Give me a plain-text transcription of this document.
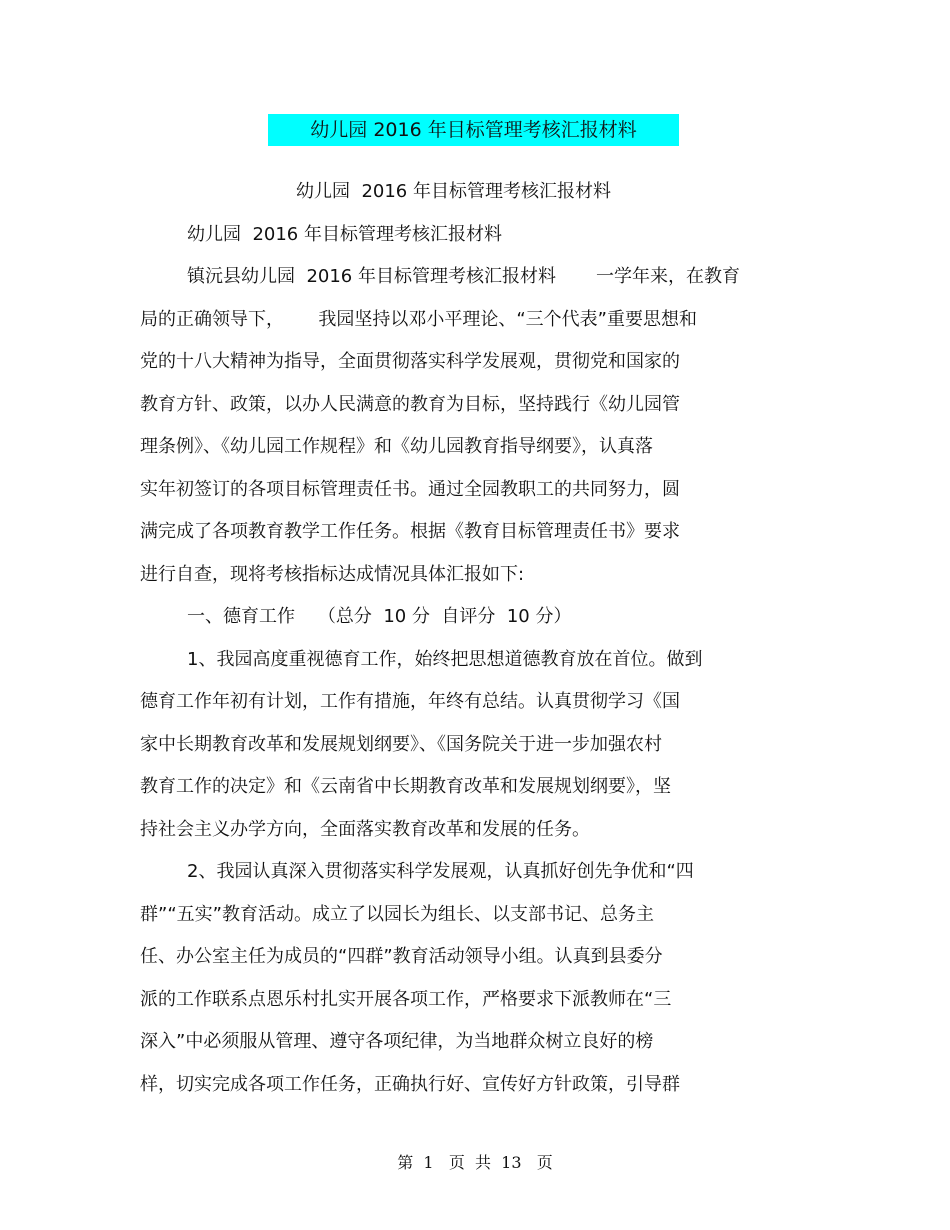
幼儿园 2016 年目标管理考核汇报材料
幼儿园  2016 年目标管理考核汇报材料
幼儿园  2016 年目标管理考核汇报材料
镇沅县幼儿园  2016 年目标管理考核汇报材料       一学年来，在教育
局的正确领导下，      我园坚持以邓小平理论、“三个代表”重要思想和
党的十八大精神为指导，全面贯彻落实科学发展观，贯彻党和国家的
教育方针、政策，以办人民满意的教育为目标，坚持践行《幼儿园管
理条例》、《幼儿园工作规程》和《幼儿园教育指导纲要》，认真落
实年初签订的各项目标管理责任书。通过全园教职工的共同努力，圆
满完成了各项教育教学工作任务。根据《教育目标管理责任书》要求
进行自查，现将考核指标达成情况具体汇报如下:
一、德育工作    （总分  10 分  自评分  10 分）
1、我园高度重视德育工作，始终把思想道德教育放在首位。做到
德育工作年初有计划，工作有措施，年终有总结。认真贯彻学习《国
家中长期教育改革和发展规划纲要》、《国务院关于进一步加强农村
教育工作的决定》和《云南省中长期教育改革和发展规划纲要》，坚
持社会主义办学方向，全面落实教育改革和发展的任务。
2、我园认真深入贯彻落实科学发展观，认真抓好创先争优和“四
群”“五实”教育活动。成立了以园长为组长、以支部书记、总务主
任、办公室主任为成员的“四群”教育活动领导小组。认真到县委分
派的工作联系点恩乐村扎实开展各项工作，严格要求下派教师在“三
深入”中必须服从管理、遵守各项纪律，为当地群众树立良好的榜
样，切实完成各项工作任务，正确执行好、宣传好方针政策，引导群
第  1   页  共  13   页
